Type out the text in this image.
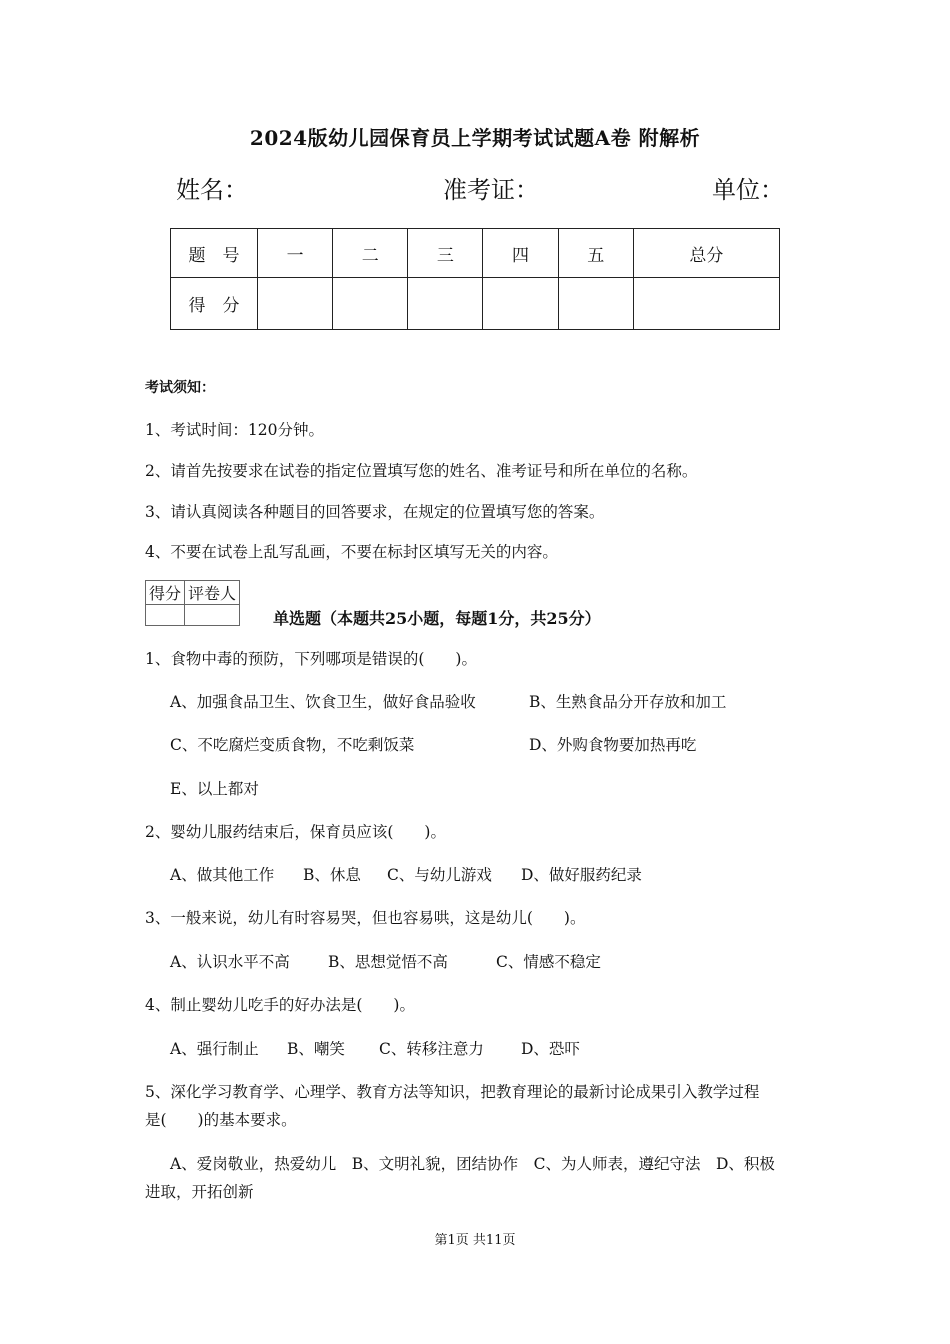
2024版幼儿园保育员上学期考试试题A卷 附解析
姓名：	准考证：	单位：
题　号	一	二	三	四	五	总分
得　分						
考试须知：
1、考试时间：120分钟。
2、请首先按要求在试卷的指定位置填写您的姓名、准考证号和所在单位的名称。
3、请认真阅读各种题目的回答要求，在规定的位置填写您的答案。
4、不要在试卷上乱写乱画，不要在标封区填写无关的内容。
得分	评卷人

单选题（本题共25小题，每题1分，共25分）
1、食物中毒的预防，下列哪项是错误的(　　)。
A、加强食品卫生、饮食卫生，做好食品验收	B、生熟食品分开存放和加工
C、不吃腐烂变质食物，不吃剩饭菜	D、外购食物要加热再吃
E、以上都对
2、婴幼儿服药结束后，保育员应该(　　)。
A、做其他工作 B、休息 C、与幼儿游戏 D、做好服药纪录
3、一般来说，幼儿有时容易哭，但也容易哄，这是幼儿(　　)。
A、认识水平不高 B、思想觉悟不高	C、情感不稳定
4、制止婴幼儿吃手的好办法是(　　)。
A、强行制止 B、嘲笑 C、转移注意力 D、恐吓
5、深化学习教育学、心理学、教育方法等知识，把教育理论的最新讨论成果引入教学过程
是(　　)的基本要求。
A、爱岗敬业，热爱幼儿　B、文明礼貌，团结协作　C、为人师表，遵纪守法　D、积极
进取，开拓创新
第1页 共11页
